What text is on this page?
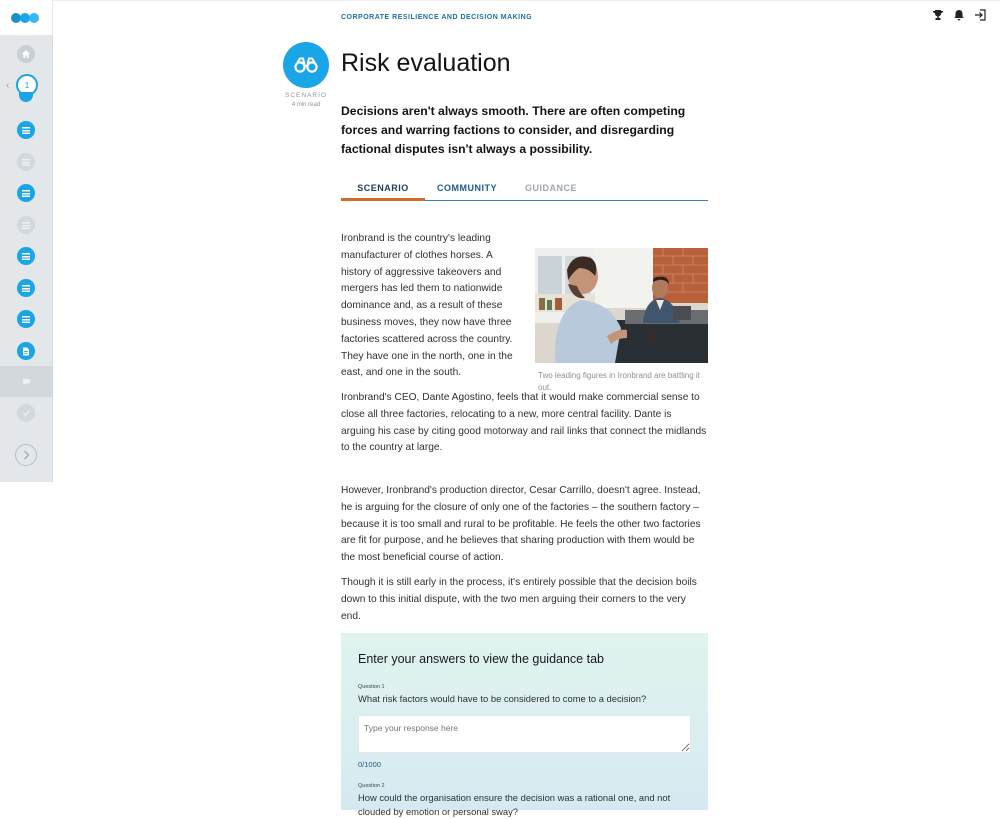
‹ 1
CORPORATE RESILIENCE AND DECISION MAKING
SCENARIO
4 min read
Risk evaluation

Decisions aren't always smooth. There are often competing forces and warring factions to consider, and disregarding factional disputes isn't always a possibility.

SCENARIO	COMMUNITY	GUIDANCE

Ironbrand is the country's leading manufacturer of clothes horses. A history of aggressive takeovers and mergers has led them to nationwide dominance and, as a result of these business moves, they now have three factories scattered across the country. They have one in the north, one in the east, and one in the south.	Two leading figures in Ironbrand are battling it out.

Ironbrand's CEO, Dante Agostino, feels that it would make commercial sense to close all three factories, relocating to a new, more central facility. Dante is arguing his case by citing good motorway and rail links that connect the midlands to the country at large.

However, Ironbrand's production director, Cesar Carrillo, doesn't agree. Instead, he is arguing for the closure of only one of the factories – the southern factory – because it is too small and rural to be profitable. He feels the other two factories are fit for purpose, and he believes that sharing production with them would be the most beneficial course of action.

Though it is still early in the process, it's entirely possible that the decision boils down to this initial dispute, with the two men arguing their corners to the very end.

Enter your answers to view the guidance tab
Question 1
What risk factors would have to be considered to come to a decision?
Type your response here
0/1000
Question 2
How could the organisation ensure the decision was a rational one, and not clouded by emotion or personal sway?
